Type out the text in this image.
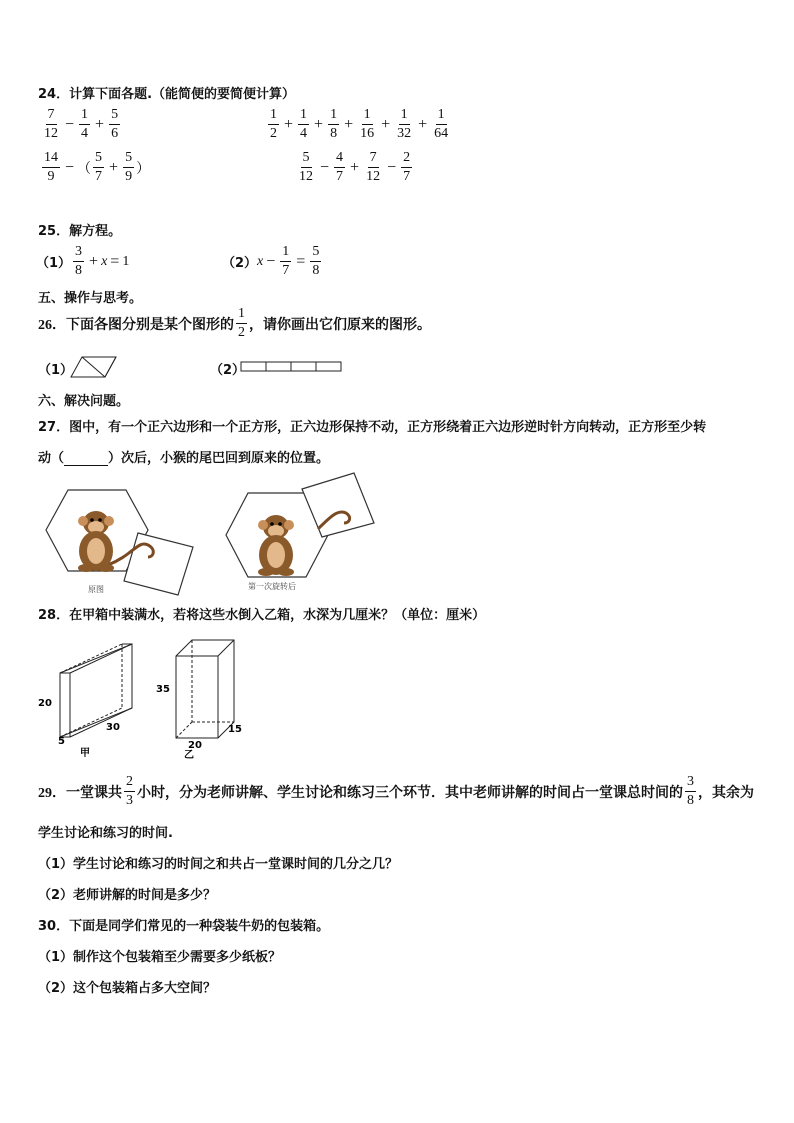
24．计算下面各题.（能简便的要简便计算）
$\frac{7}{12} - \frac{1}{4} + \frac{5}{6}$	$\frac{1}{2} + \frac{1}{4} + \frac{1}{8} + \frac{1}{16} + \frac{1}{32} + \frac{1}{64}$
$\frac{14}{9}$ − （ $\frac{5}{7} + \frac{5}{9}$ ）	$\frac{5}{12} - \frac{4}{7} + \frac{7}{12} - \frac{2}{7}$
25．解方程。
$(1) \frac{3}{8} + x = 1$	（2） $x - \frac{1}{7} = \frac{5}{8}$
五、操作与思考。
26．下面各图分别是某个图形的 $\frac{1}{2}$ ，请你画出它们原来的图形。
（1）	（2）
六、解决问题。
27．图中，有一个正六边形和一个正方形，正六边形保持不动，正方形绕着正六边形逆时针方向转动，正方形至少转
动（	）次后，小猴的尾巴回到原来的位置。
原图	第一次旋转后
28．在甲箱中装满水，若将这些水倒入乙箱，水深为几厘米？（单位：厘米）
20
30
5
甲
35
20
15
乙
29．一堂课共 $\frac{2}{3}$ 小时，分为老师讲解、学生讨论和练习三个环节．其中老师讲解的时间占一堂课总时间的 $\frac{3}{8}$ ，其余为
学生讨论和练习的时间.
（1）学生讨论和练习的时间之和共占一堂课时间的几分之几？
（2）老师讲解的时间是多少？
30．下面是同学们常见的一种袋装牛奶的包装箱。
（1）制作这个包装箱至少需要多少纸板？
（2）这个包装箱占多大空间？
